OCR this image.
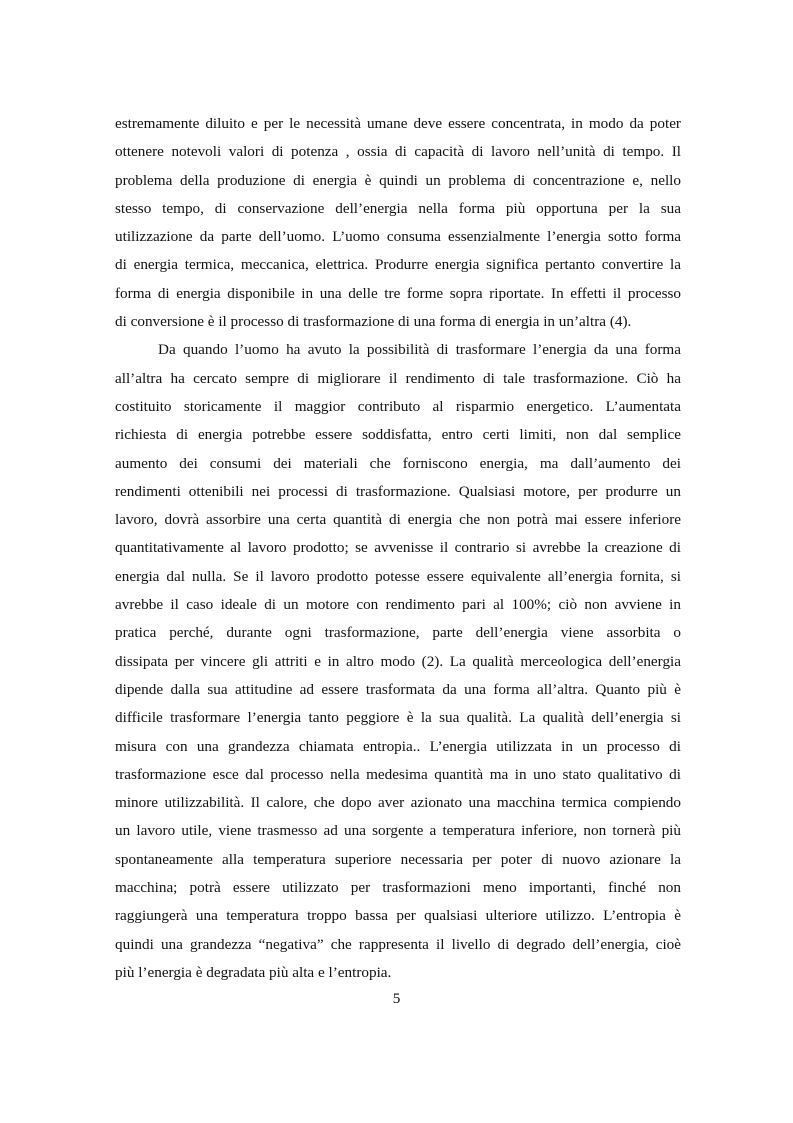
estremamente diluito e per le necessità umane deve essere concentrata, in modo da poter
ottenere notevoli valori di potenza , ossia di capacità di lavoro nell’unità di tempo. Il
problema della produzione di energia è quindi un problema di concentrazione e, nello
stesso tempo, di conservazione dell’energia nella forma più opportuna per la sua
utilizzazione da parte dell’uomo. L’uomo consuma essenzialmente l’energia sotto forma
di energia termica, meccanica, elettrica. Produrre energia significa pertanto convertire la
forma di energia disponibile in una delle tre forme sopra riportate. In effetti il processo
di conversione è il processo di trasformazione di una forma di energia in un’altra (4).

Da quando l’uomo ha avuto la possibilità di trasformare l’energia da una forma
all’altra ha cercato sempre di migliorare il rendimento di tale trasformazione. Ciò ha
costituito storicamente il maggior contributo al risparmio energetico. L’aumentata
richiesta di energia potrebbe essere soddisfatta, entro certi limiti, non dal semplice
aumento dei consumi dei materiali che forniscono energia, ma dall’aumento dei
rendimenti ottenibili nei processi di trasformazione. Qualsiasi motore, per produrre un
lavoro, dovrà assorbire una certa quantità di energia che non potrà mai essere inferiore
quantitativamente al lavoro prodotto; se avvenisse il contrario si avrebbe la creazione di
energia dal nulla. Se il lavoro prodotto potesse essere equivalente all’energia fornita, si
avrebbe il caso ideale di un motore con rendimento pari al 100%; ciò non avviene in
pratica perché, durante ogni trasformazione, parte dell’energia viene assorbita o
dissipata per vincere gli attriti e in altro modo (2). La qualità merceologica dell’energia
dipende dalla sua attitudine ad essere trasformata da una forma all’altra. Quanto più è
difficile trasformare l’energia tanto peggiore è la sua qualità. La qualità dell’energia si
misura con una grandezza chiamata entropia.. L’energia utilizzata in un processo di
trasformazione esce dal processo nella medesima quantità ma in uno stato qualitativo di
minore utilizzabilità. Il calore, che dopo aver azionato una macchina termica compiendo
un lavoro utile, viene trasmesso ad una sorgente a temperatura inferiore, non tornerà più
spontaneamente alla temperatura superiore necessaria per poter di nuovo azionare la
macchina; potrà essere utilizzato per trasformazioni meno importanti, finché non
raggiungerà una temperatura troppo bassa per qualsiasi ulteriore utilizzo. L’entropia è
quindi una grandezza “negativa” che rappresenta il livello di degrado dell’energia, cioè
più l’energia è degradata più alta e l’entropia.

5
